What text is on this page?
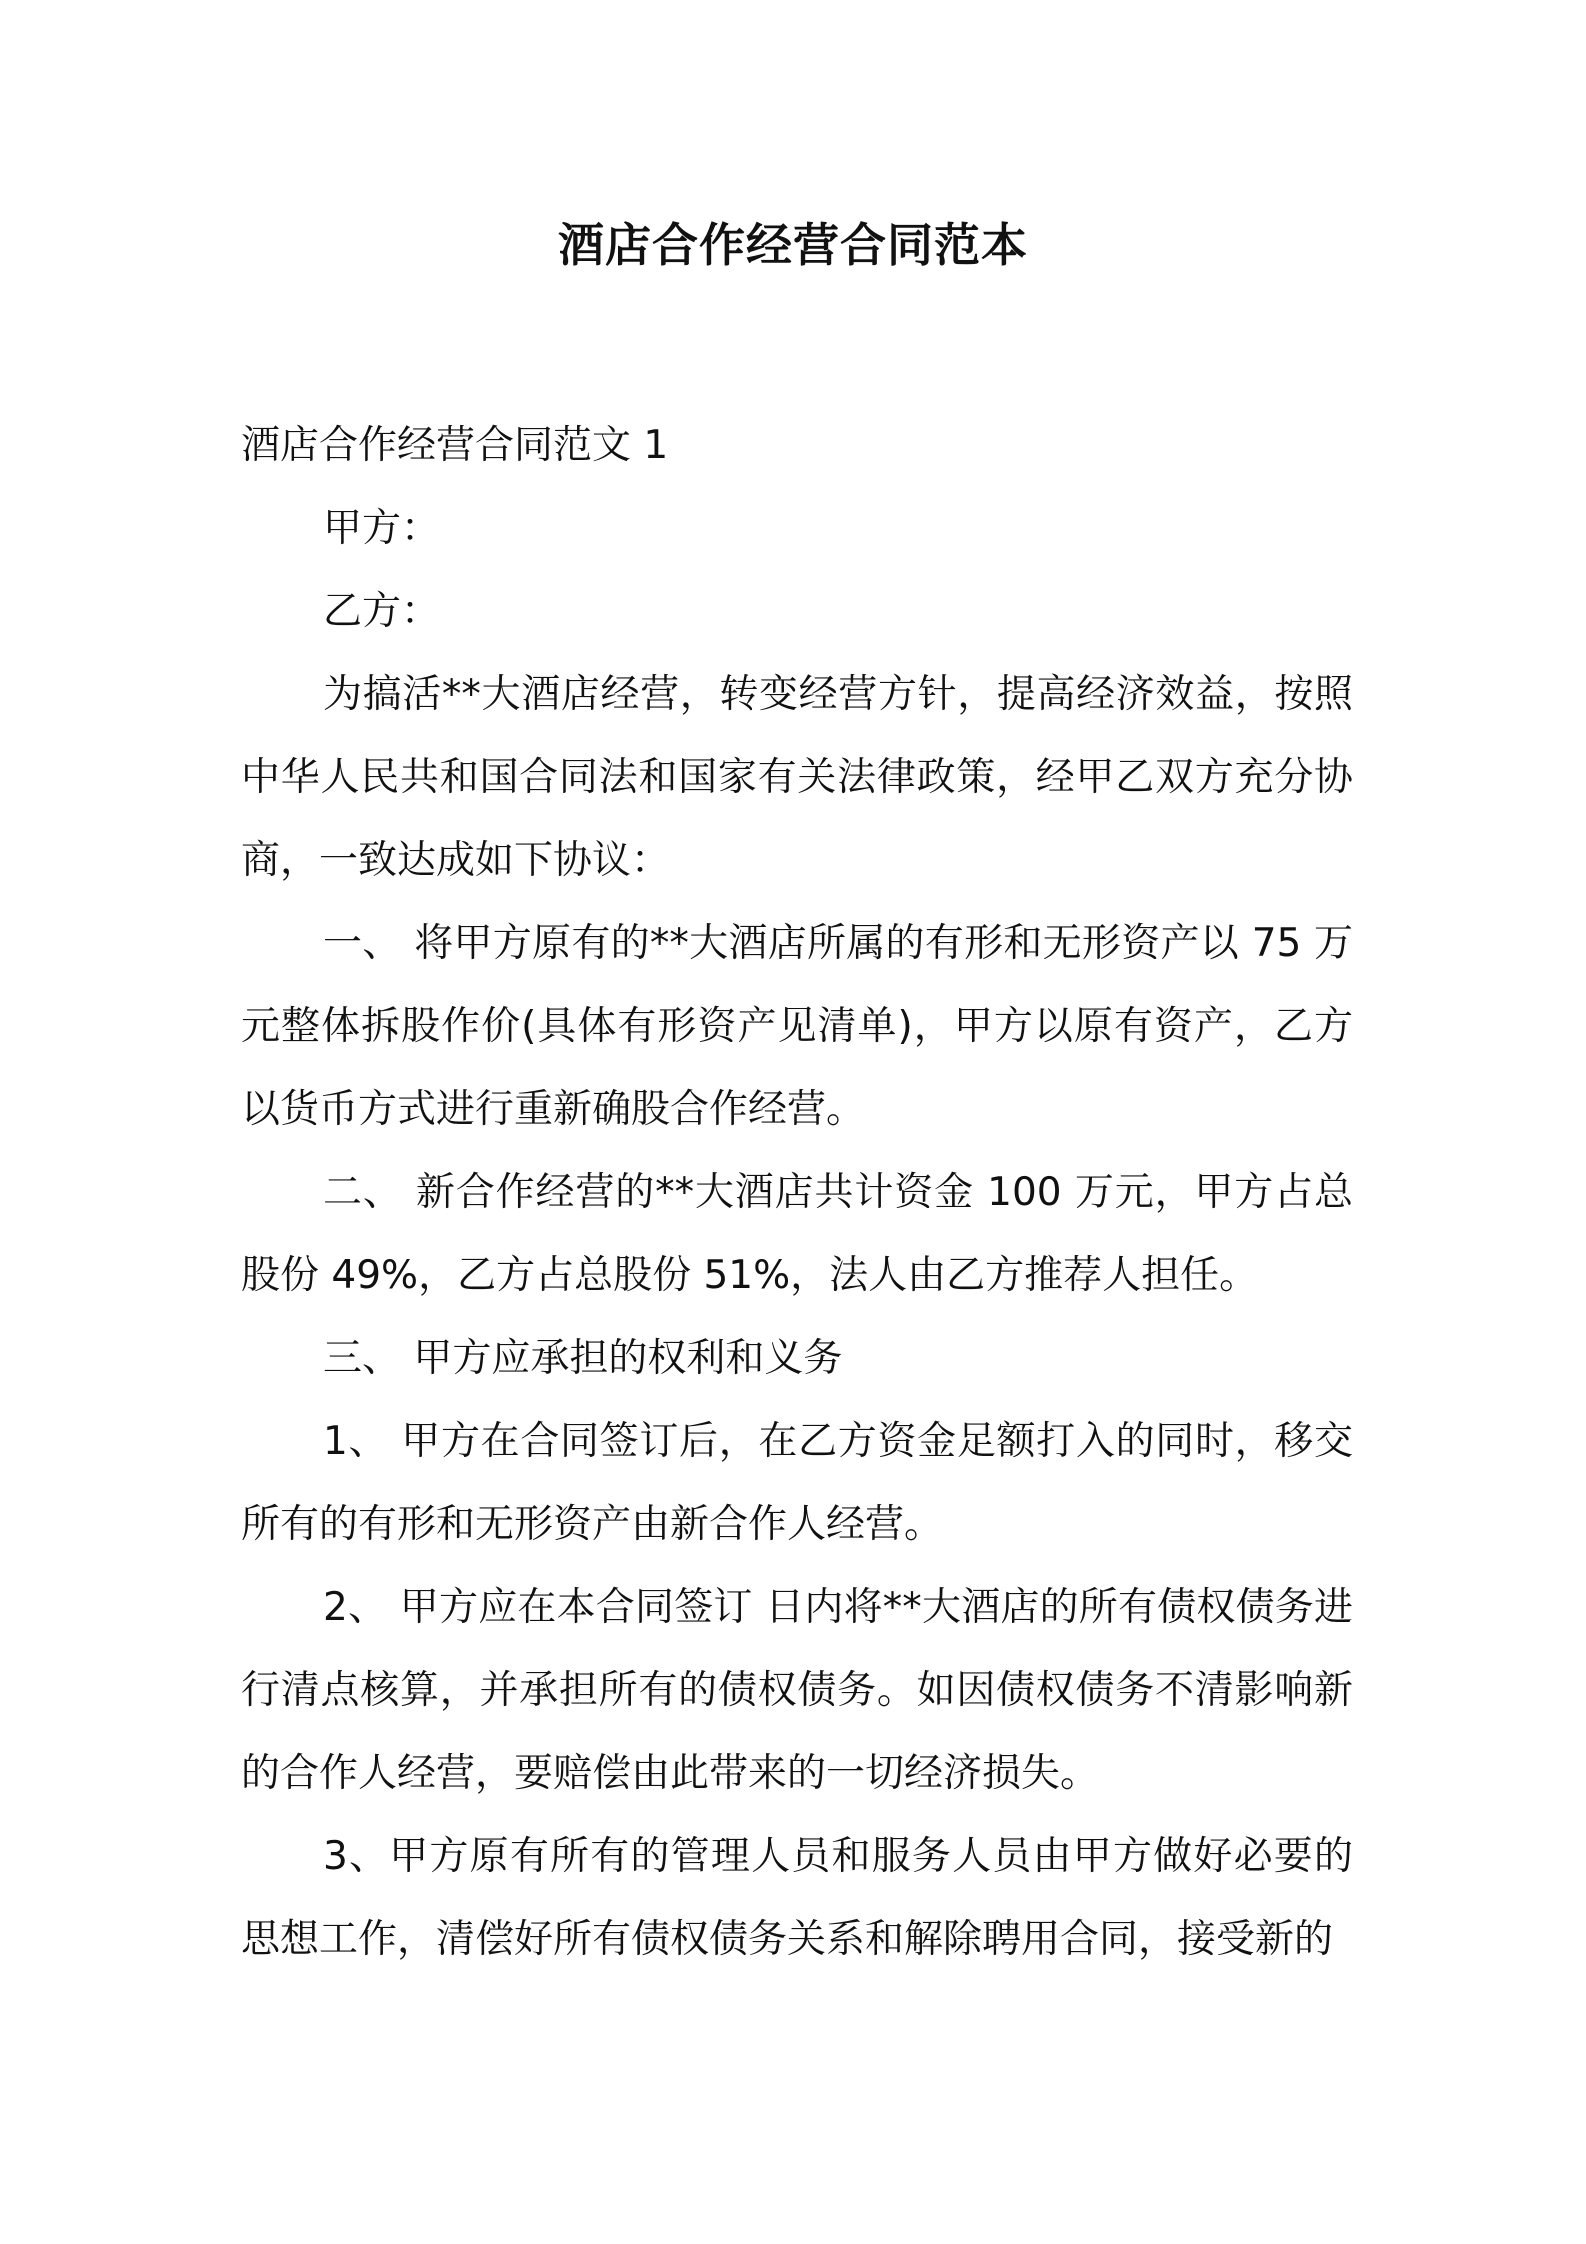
酒店合作经营合同范本

酒店合作经营合同范文 1

甲方：

乙方：

为搞活**大酒店经营，转变经营方针，提高经济效益，按照中华人民共和国合同法和国家有关法律政策，经甲乙双方充分协商，一致达成如下协议：

一、 将甲方原有的**大酒店所属的有形和无形资产以 75 万元整体拆股作价(具体有形资产见清单)，甲方以原有资产，乙方以货币方式进行重新确股合作经营。

二、 新合作经营的**大酒店共计资金 100 万元，甲方占总股份 49%，乙方占总股份 51%，法人由乙方推荐人担任。

三、 甲方应承担的权利和义务

1、 甲方在合同签订后，在乙方资金足额打入的同时，移交所有的有形和无形资产由新合作人经营。

2、 甲方应在本合同签订 日内将**大酒店的所有债权债务进行清点核算，并承担所有的债权债务。如因债权债务不清影响新的合作人经营，要赔偿由此带来的一切经济损失。

3、甲方原有所有的管理人员和服务人员由甲方做好必要的思想工作，清偿好所有债权债务关系和解除聘用合同，接受新的
